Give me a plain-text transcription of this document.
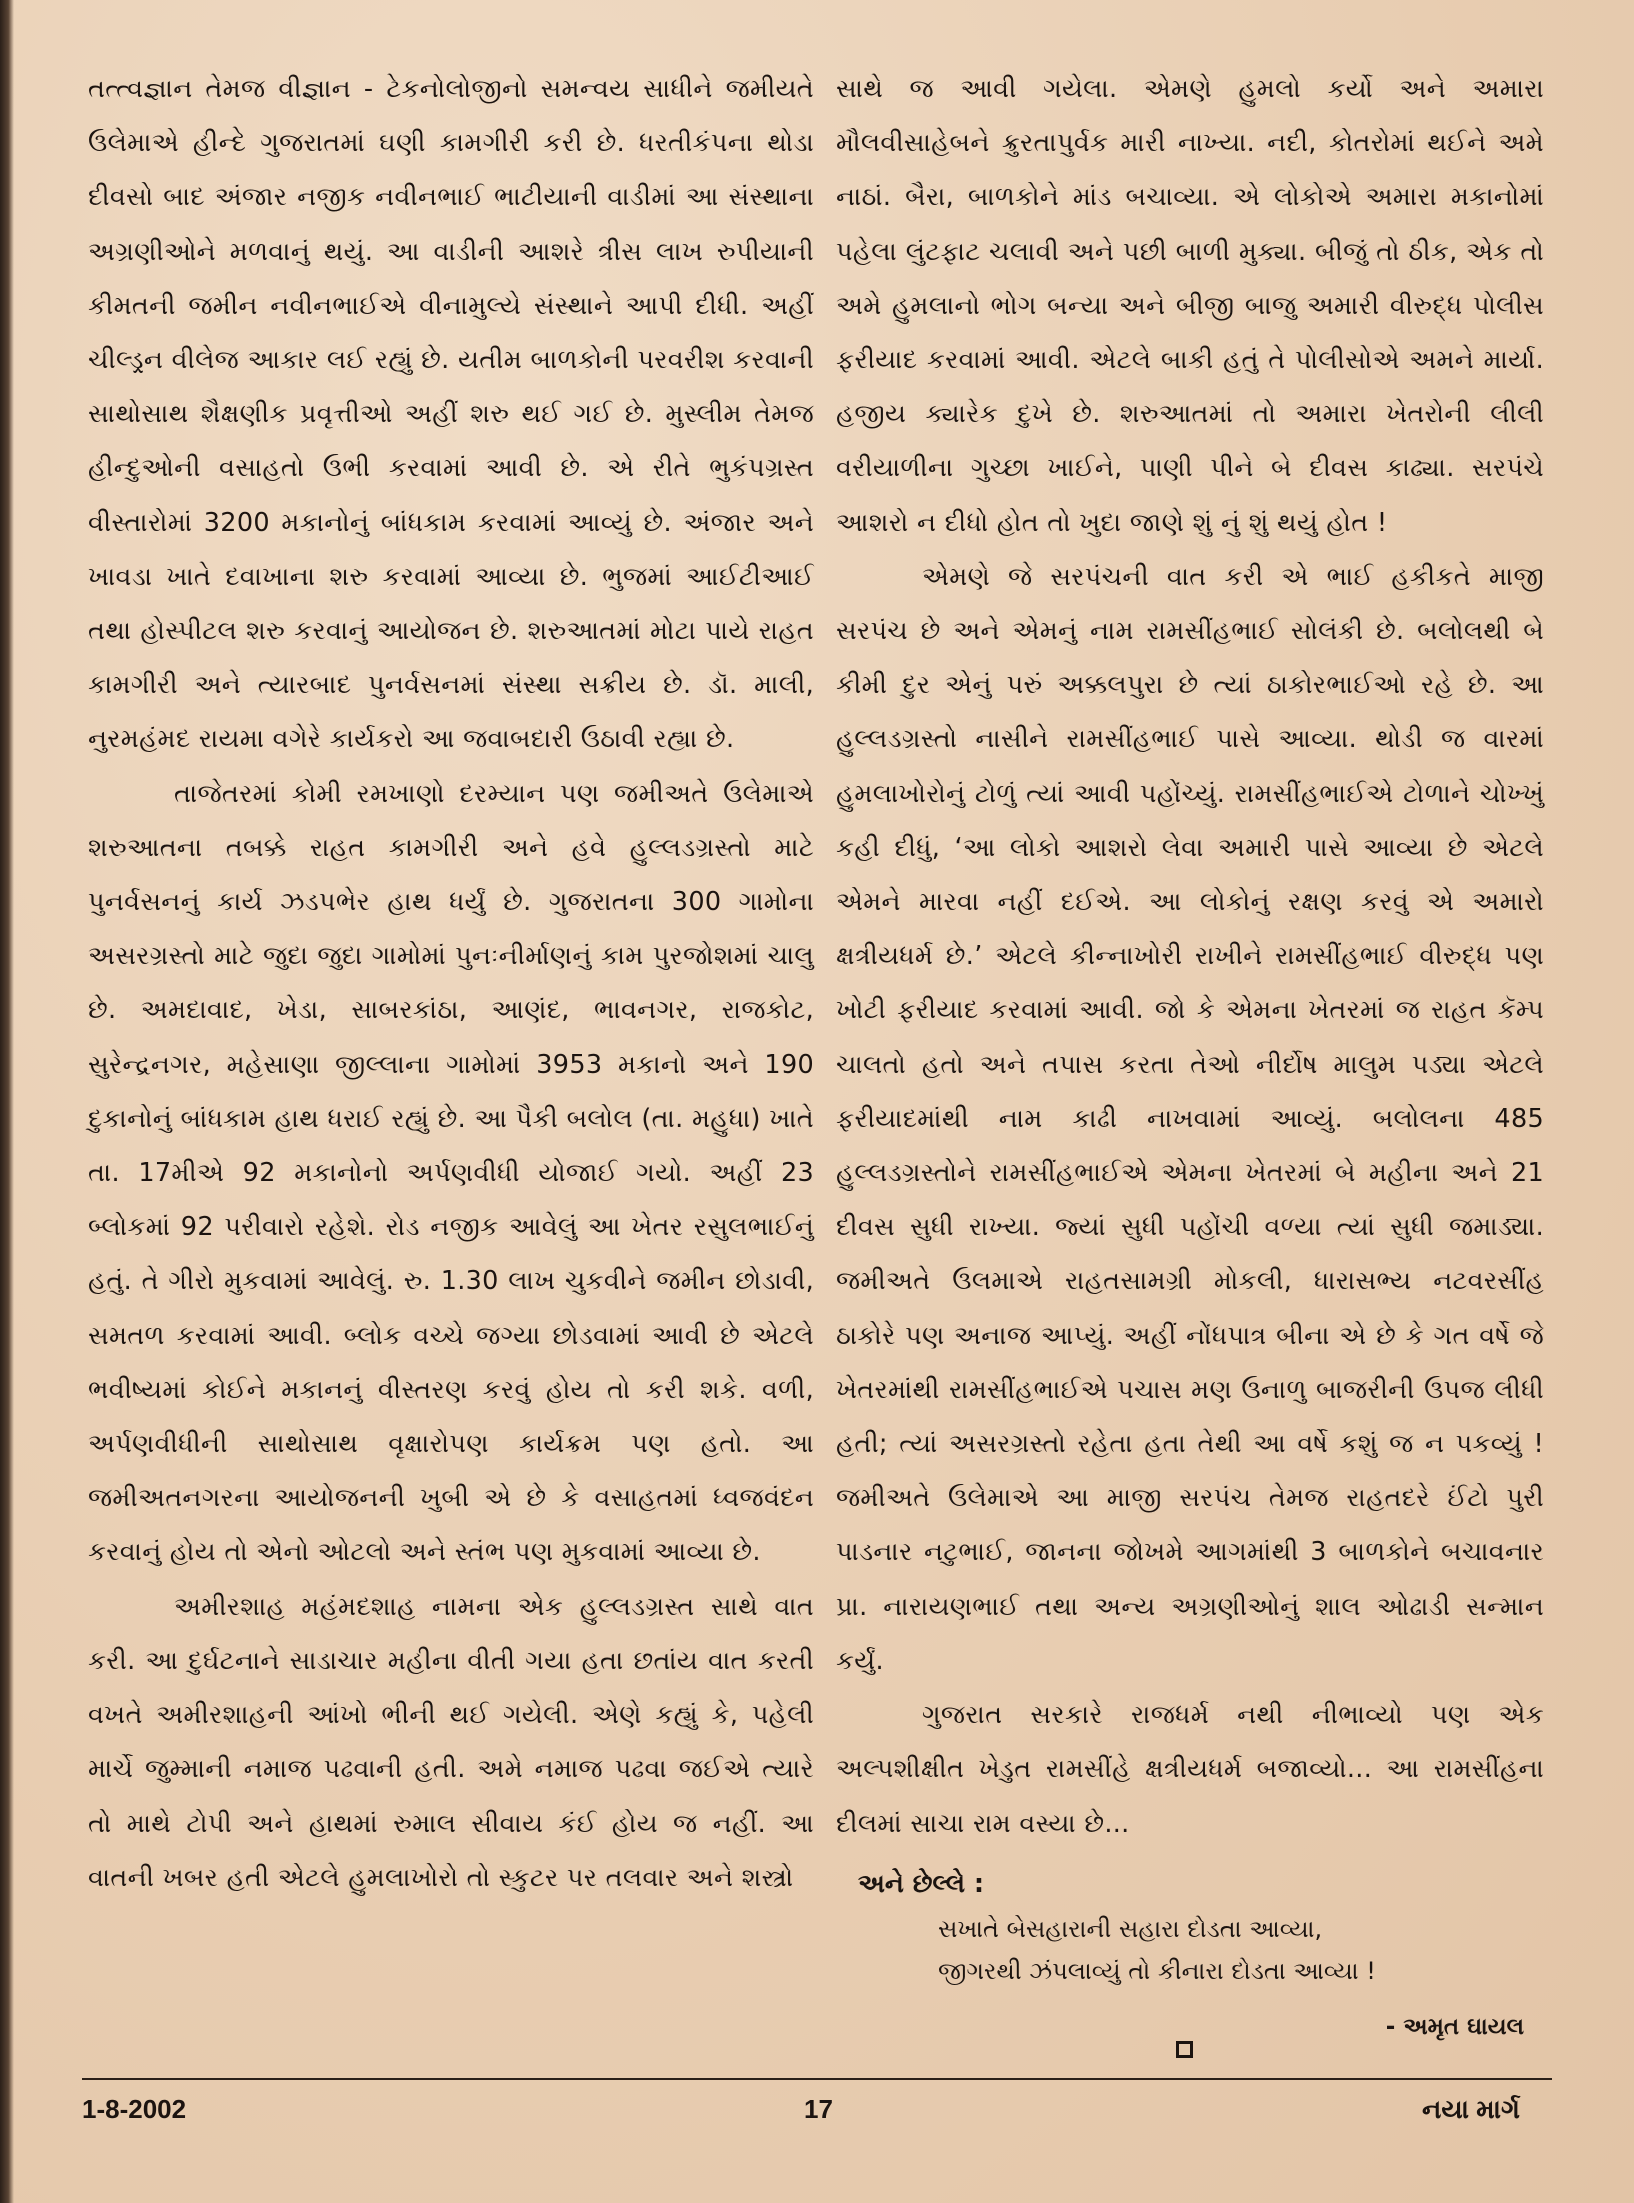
તત્ત્વજ્ઞાન તેમજ વીજ્ઞાન - ટેકનોલોજીનો સમન્વય સાધીને જમીયતે ઉલેમાએ હીન્દે ગુજરાતમાં ઘણી કામગીરી કરી છે. ધરતીકંપના થોડા દીવસો બાદ અંજાર નજીક નવીનભાઈ ભાટીયાની વાડીમાં આ સંસ્થાના અગ્રણીઓને મળવાનું થયું. આ વાડીની આશરે ત્રીસ લાખ રુપીયાની કીમતની જમીન નવીનભાઈએ વીનામુલ્યે સંસ્થાને આપી દીધી. અહીં ચીલ્ડ્રન વીલેજ આકાર લઈ રહ્યું છે. યતીમ બાળકોની પરવરીશ કરવાની સાથોસાથ શૈક્ષણીક પ્રવૃત્તીઓ અહીં શરુ થઈ ગઈ છે. મુસ્લીમ તેમજ હીન્દુઓની વસાહતો ઉભી કરવામાં આવી છે. એ રીતે ભુકંપગ્રસ્ત વીસ્તારોમાં 3200 મકાનોનું બાંધકામ કરવામાં આવ્યું છે. અંજાર અને ખાવડા ખાતે દવાખાના શરુ કરવામાં આવ્યા છે. ભુજમાં આઈટીઆઈ તથા હોસ્પીટલ શરુ કરવાનું આયોજન છે. શરુઆતમાં મોટા પાયે રાહત કામગીરી અને ત્યારબાદ પુનર્વસનમાં સંસ્થા સક્રીય છે. ડૉ. માલી, નુરમહંમદ રાયમા વગેરે કાર્યકરો આ જવાબદારી ઉઠાવી રહ્યા છે.

તાજેતરમાં કોમી રમખાણો દરમ્યાન પણ જમીઅતે ઉલેમાએ શરુઆતના તબક્કે રાહત કામગીરી અને હવે હુલ્લડગ્રસ્તો માટે પુનર્વસનનું કાર્ય ઝડપભેર હાથ ધર્યું છે. ગુજરાતના 300 ગામોના અસરગ્રસ્તો માટે જુદા જુદા ગામોમાં પુનઃનીર્માણનું કામ પુરજોશમાં ચાલુ છે. અમદાવાદ, ખેડા, સાબરકાંઠા, આણંદ, ભાવનગર, રાજકોટ, સુરેન્દ્રનગર, મહેસાણા જીલ્લાના ગામોમાં 3953 મકાનો અને 190 દુકાનોનું બાંધકામ હાથ ધરાઈ રહ્યું છે. આ પૈકી બલોલ (તા. મહુધા) ખાતે તા. 17મીએ 92 મકાનોનો અર્પણવીધી યોજાઈ ગયો. અહીં 23 બ્લોકમાં 92 પરીવારો રહેશે. રોડ નજીક આવેલું આ ખેતર રસુલભાઈનું હતું. તે ગીરો મુકવામાં આવેલું. રુ. 1.30 લાખ ચુકવીને જમીન છોડાવી, સમતળ કરવામાં આવી. બ્લોક વચ્ચે જગ્યા છોડવામાં આવી છે એટલે ભવીષ્યમાં કોઈને મકાનનું વીસ્તરણ કરવું હોય તો કરી શકે. વળી, અર્પણવીધીની સાથોસાથ વૃક્ષારોપણ કાર્યક્રમ પણ હતો. આ જમીઅતનગરના આયોજનની ખુબી એ છે કે વસાહતમાં ધ્વજવંદન કરવાનું હોય તો એનો ઓટલો અને સ્તંભ પણ મુકવામાં આવ્યા છે.

અમીરશાહ મહંમદશાહ નામના એક હુલ્લડગ્રસ્ત સાથે વાત કરી. આ દુર્ઘટનાને સાડાચાર મહીના વીતી ગયા હતા છતાંય વાત કરતી વખતે અમીરશાહની આંખો ભીની થઈ ગયેલી. એણે કહ્યું કે, પહેલી માર્ચે જુમ્માની નમાજ પઢવાની હતી. અમે નમાજ પઢવા જઈએ ત્યારે તો માથે ટોપી અને હાથમાં રુમાલ સીવાય કંઈ હોય જ નહીં. આ વાતની ખબર હતી એટલે હુમલાખોરો તો સ્કુટર પર તલવાર અને શસ્ત્રો

સાથે જ આવી ગયેલા. એમણે હુમલો કર્યો અને અમારા મૌલવીસાહેબને ક્રુરતાપુર્વક મારી નાખ્યા. નદી, કોતરોમાં થઈને અમે નાઠાં. બૈરા, બાળકોને માંડ બચાવ્યા. એ લોકોએ અમારા મકાનોમાં પહેલા લુંટફાટ ચલાવી અને પછી બાળી મુક્યા. બીજું તો ઠીક, એક તો અમે હુમલાનો ભોગ બન્યા અને બીજી બાજુ અમારી વીરુદ્ધ પોલીસ ફરીયાદ કરવામાં આવી. એટલે બાકી હતું તે પોલીસોએ અમને માર્યા. હજીય ક્યારેક દુખે છે. શરુઆતમાં તો અમારા ખેતરોની લીલી વરીયાળીના ગુચ્છા ખાઈને, પાણી પીને બે દીવસ કાઢ્યા. સરપંચે આશરો ન દીધો હોત તો ખુદા જાણે શું નું શું થયું હોત !

એમણે જે સરપંચની વાત કરી એ ભાઈ હકીકતે માજી સરપંચ છે અને એમનું નામ રામસીંહભાઈ સોલંકી છે. બલોલથી બે કીમી દુર એનું પરું અક્કલપુરા છે ત્યાં ઠાકોરભાઈઓ રહે છે. આ હુલ્લડગ્રસ્તો નાસીને રામસીંહભાઈ પાસે આવ્યા. થોડી જ વારમાં હુમલાખોરોનું ટોળું ત્યાં આવી પહોંચ્યું. રામસીંહભાઈએ ટોળાને ચોખ્ખું કહી દીધું, ‘આ લોકો આશરો લેવા અમારી પાસે આવ્યા છે એટલે એમને મારવા નહીં દઈએ. આ લોકોનું રક્ષણ કરવું એ અમારો ક્ષત્રીયધર્મ છે.’ એટલે કીન્નાખોરી રાખીને રામસીંહભાઈ વીરુદ્ધ પણ ખોટી ફરીયાદ કરવામાં આવી. જો કે એમના ખેતરમાં જ રાહત કૅમ્પ ચાલતો હતો અને તપાસ કરતા તેઓ નીર્દોષ માલુમ પડ્યા એટલે ફરીયાદમાંથી નામ કાઢી નાખવામાં આવ્યું. બલોલના 485 હુલ્લડગ્રસ્તોને રામસીંહભાઈએ એમના ખેતરમાં બે મહીના અને 21 દીવસ સુધી રાખ્યા. જ્યાં સુધી પહોંચી વળ્યા ત્યાં સુધી જમાડ્યા. જમીઅતે ઉલમાએ રાહતસામગ્રી મોકલી, ધારાસભ્ય નટવરસીંહ ઠાકોરે પણ અનાજ આપ્યું. અહીં નોંધપાત્ર બીના એ છે કે ગત વર્ષે જે ખેતરમાંથી રામસીંહભાઈએ પચાસ મણ ઉનાળુ બાજરીની ઉપજ લીધી હતી; ત્યાં અસરગ્રસ્તો રહેતા હતા તેથી આ વર્ષે કશું જ ન પકવ્યું ! જમીઅતે ઉલેમાએ આ માજી સરપંચ તેમજ રાહતદરે ઈંટો પુરી પાડનાર નટુભાઈ, જાનના જોખમે આગમાંથી 3 બાળકોને બચાવનાર પ્રા. નારાયણભાઈ તથા અન્ય અગ્રણીઓનું શાલ ઓઢાડી સન્માન કર્યું.

ગુજરાત સરકારે રાજધર્મ નથી નીભાવ્યો પણ એક અલ્પશીક્ષીત ખેડુત રામસીંહે ક્ષત્રીયધર્મ બજાવ્યો... આ રામસીંહના દીલમાં સાચા રામ વસ્યા છે...

અને છેલ્લે :
સખાતે બેસહારાની સહારા દોડતા આવ્યા,
જીગરથી ઝંપલાવ્યું તો કીનારા દોડતા આવ્યા !
- અમૃત ઘાયલ
1-8-2002	17	નયા માર્ગ
